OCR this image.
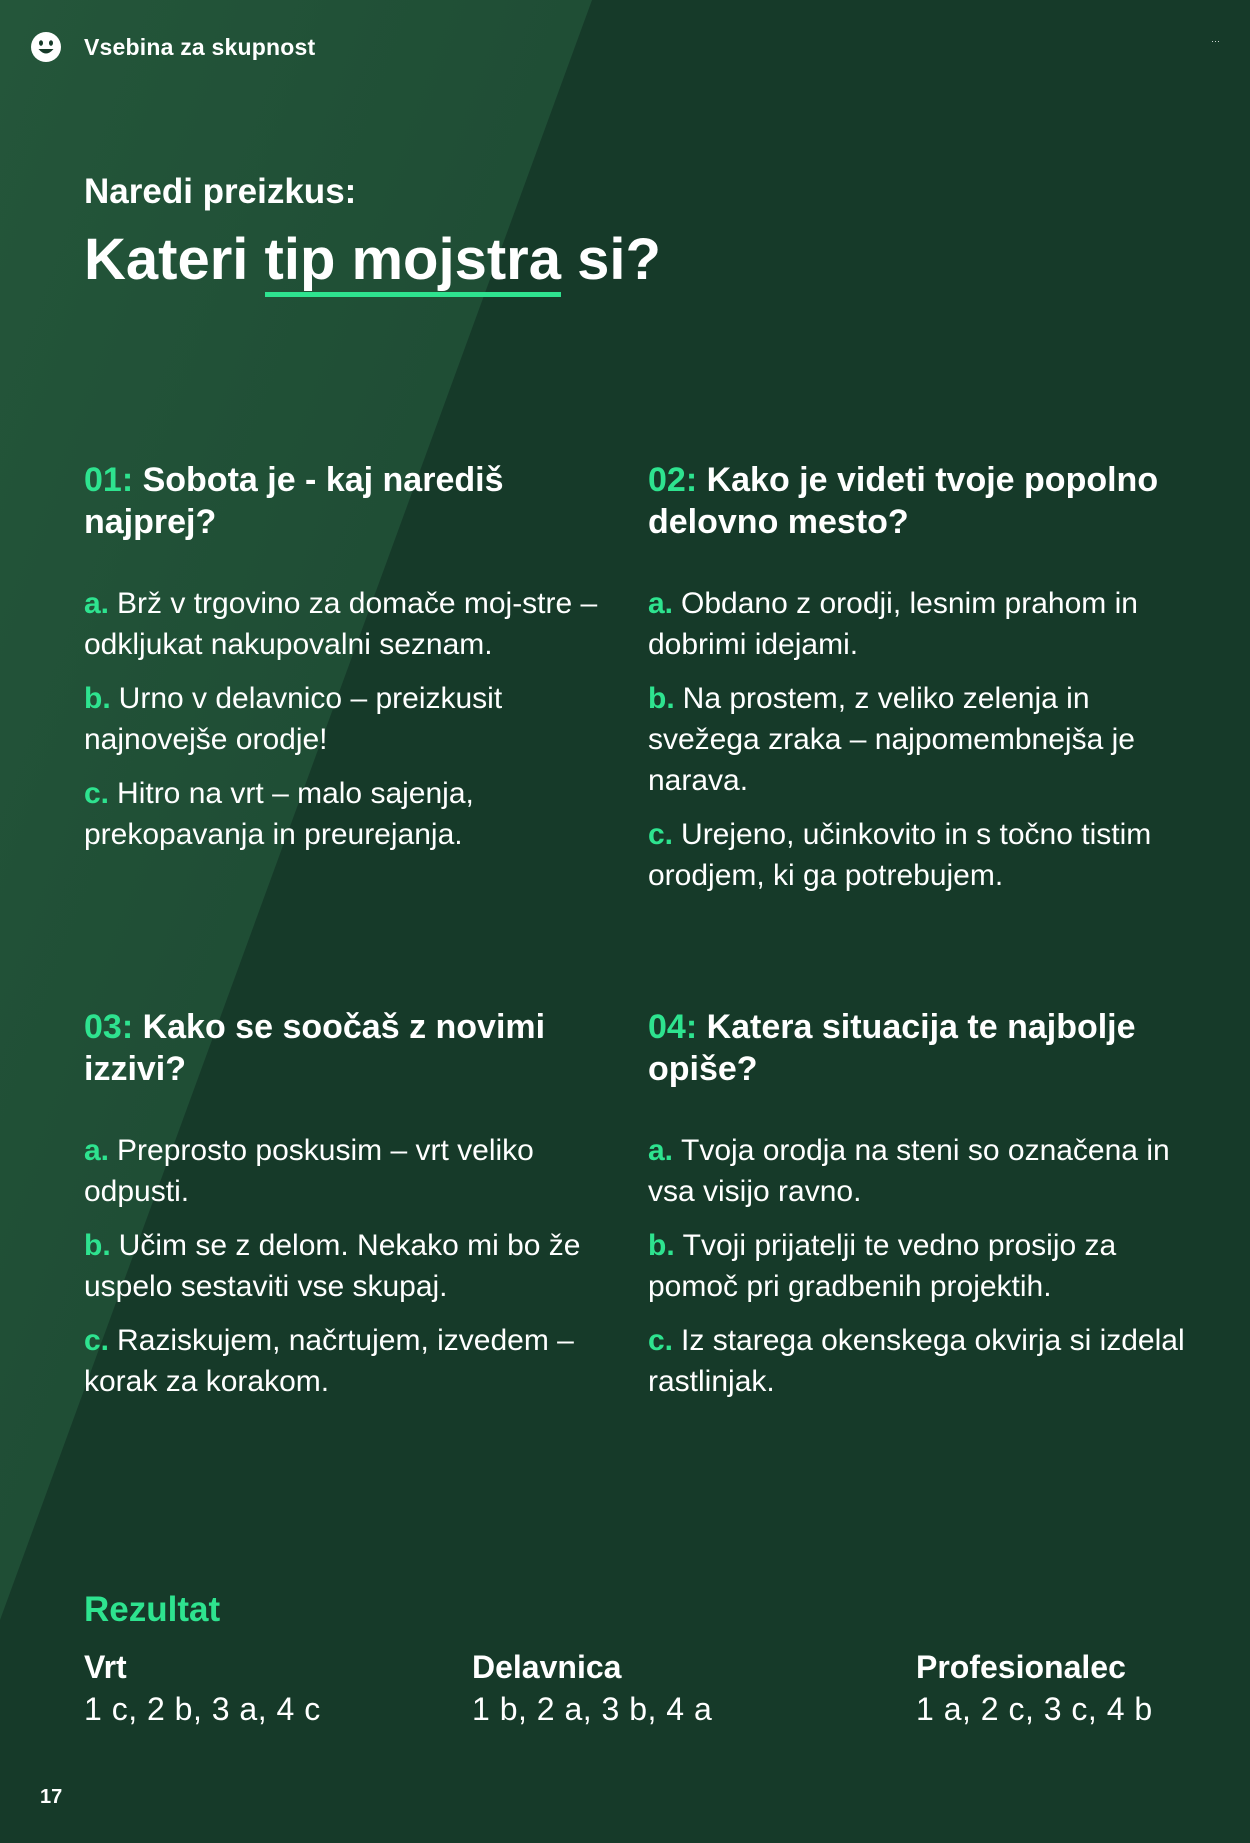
Vsebina za skupnost	···
Naredi preizkus:
Kateri tip mojstra si?
01: Sobota je - kaj narediš najprej?
a. Brž v trgovino za domače moj-stre – odkljukat nakupovalni seznam.
b. Urno v delavnico – preizkusit najnovejše orodje!
c. Hitro na vrt – malo sajenja, prekopavanja in preurejanja.
02: Kako je videti tvoje popolno delovno mesto?
a. Obdano z orodji, lesnim prahom in dobrimi idejami.
b. Na prostem, z veliko zelenja in svežega zraka – najpomembnejša je narava.
c. Urejeno, učinkovito in s točno tistim orodjem, ki ga potrebujem.
03: Kako se soočaš z novimi izzivi?
a. Preprosto poskusim – vrt veliko odpusti.
b. Učim se z delom. Nekako mi bo že uspelo sestaviti vse skupaj.
c. Raziskujem, načrtujem, izvedem – korak za korakom.
04: Katera situacija te najbolje opiše?
a. Tvoja orodja na steni so označena in vsa visijo ravno.
b. Tvoji prijatelji te vedno prosijo za pomoč pri gradbenih projektih.
c. Iz starega okenskega okvirja si izdelal rastlinjak.
Rezultat
Vrt
1 c, 2 b, 3 a, 4 c
Delavnica
1 b, 2 a, 3 b, 4 a
Profesionalec
1 a, 2 c, 3 c, 4 b
17
